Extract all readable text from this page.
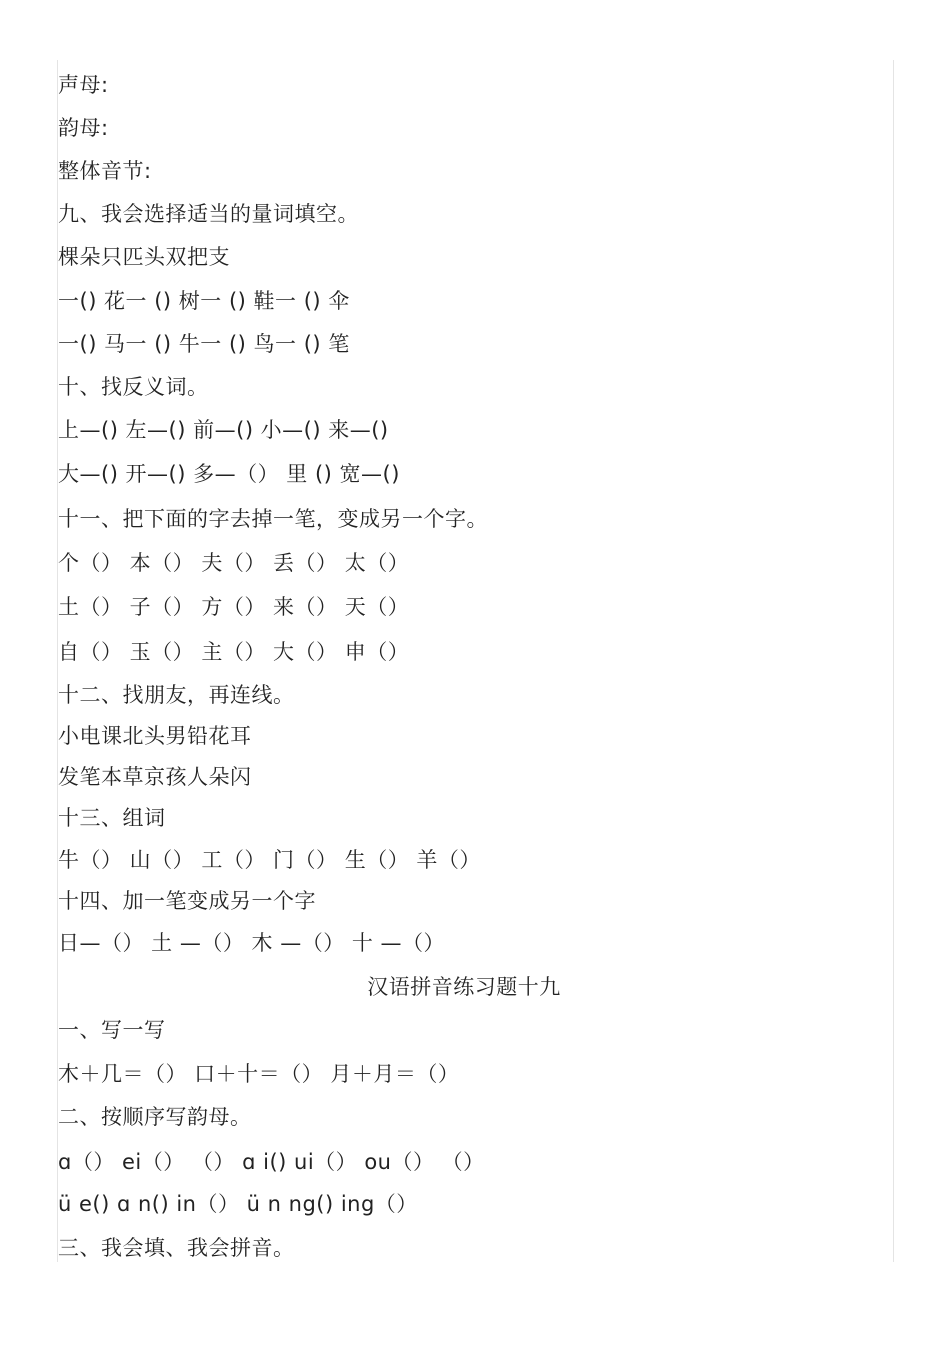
声母:
韵母:
整体音节:
九、我会选择适当的量词填空。
棵朵只匹头双把支
一() 花一 () 树一 () 鞋一 () 伞
一() 马一 () 牛一 () 鸟一 () 笔
十、找反义词。
上—() 左—() 前—() 小—() 来—()
大—() 开—() 多—（） 里 () 宽—()
十一、把下面的字去掉一笔，变成另一个字。
个（） 本（） 夫（） 丢（） 太（）
土（） 子（） 方（） 来（） 天（）
自（） 玉（） 主（） 大（） 申（）
十二、找朋友，再连线。
小电课北头男铅花耳
发笔本草京孩人朵闪
十三、组词
牛（） 山（） 工（） 门（） 生（） 羊（）
十四、加一笔变成另一个字
日—（） 土 —（） 木 —（） 十 —（）
汉语拼音练习题十九
一、写一写
木＋几＝（） 口＋十＝（） 月＋月＝（）
二、按顺序写韵母。
ɑ（） ei（） （） ɑ i() ui（） ou（） （）
ü e() ɑ n() in（） ü n ng() ing（）
三、我会填、我会拼音。
